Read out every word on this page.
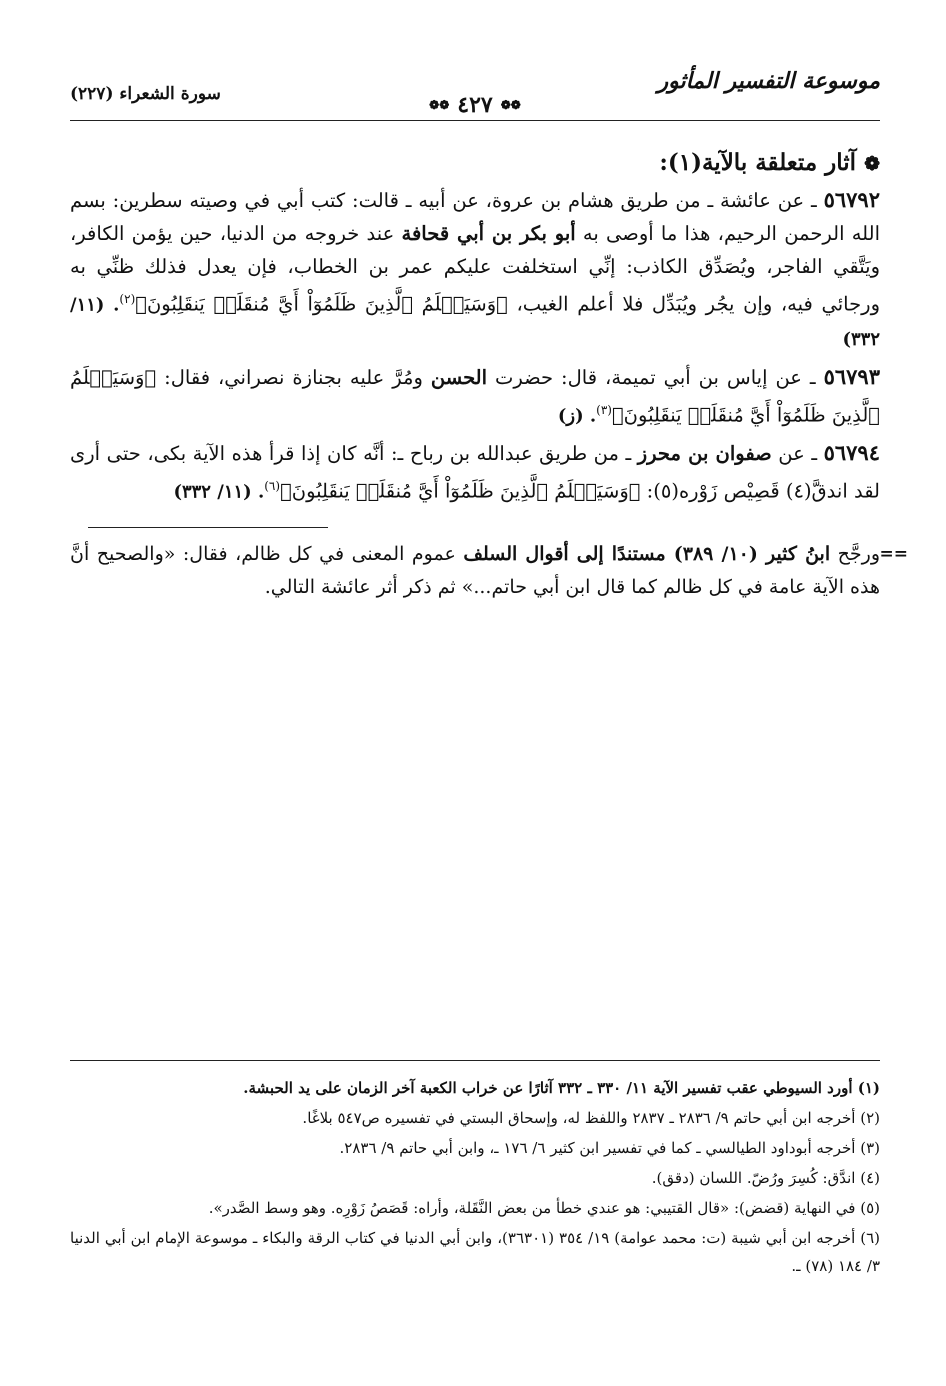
موسوعة التفسير المأثور
❁❁ ٤٢٧ ❁❁
سورة الشعراء (٢٢٧)
❁آثار متعلقة بالآية(١):

٥٦٧٩٢ ـ عن عائشة ـ من طريق هشام بن عروة، عن أبيه ـ قالت: كتب أبي في وصيته سطرين: بسم الله الرحمن الرحيم، هذا ما أوصى به أبو بكر بن أبي قحافة عند خروجه من الدنيا، حين يؤمن الكافر، ويَتَّقي الفاجر، ويُصَدِّق الكاذب: إنِّي استخلفت عليكم عمر بن الخطاب، فإن يعدل فذلك ظنِّي به ورجائي فيه، وإن يجُر ويُبَدِّل فلا أعلم الغيب، ﴿وَسَيَعۡلَمُ ٱلَّذِينَ ظَلَمُوٓاْ أَيَّ مُنقَلَبٖ يَنقَلِبُونَ﴾$^{(٢)}$. (١١/ ٣٣٢)

٥٦٧٩٣ ـ عن إياس بن أبي تميمة، قال: حضرت الحسن ومُرَّ عليه بجنازة نصراني، فقال: ﴿وَسَيَعۡلَمُ ٱلَّذِينَ ظَلَمُوٓاْ أَيَّ مُنقَلَبٖ يَنقَلِبُونَ﴾$^{(٣)}$. (ز)

٥٦٧٩٤ ـ عن صفوان بن محرز ـ من طريق عبدالله بن رباح ـ: أنَّه كان إذا قرأ هذه الآية بكى، حتى أرى لقد اندقَّ(٤) قَصِيْص زَوْره(٥): ﴿وَسَيَعۡلَمُ ٱلَّذِينَ ظَلَمُوٓاْ أَيَّ مُنقَلَبٖ يَنقَلِبُونَ﴾$^{(٦)}$. (١١/ ٣٣٢)

==
ورجَّح ابنُ كثير (١٠/ ٣٨٩) مستندًا إلى أقوال السلف عموم المعنى في كل ظالم، فقال: «والصحيح أنَّ هذه الآية عامة في كل ظالم كما قال ابن أبي حاتم...» ثم ذكر أثر عائشة التالي.

(١) أورد السيوطي عقب تفسير الآية ١١/ ٣٣٠ ـ ٣٣٢ آثارًا عن خراب الكعبة آخر الزمان على يد الحبشة.

(٢) أخرجه ابن أبي حاتم ٩/ ٢٨٣٦ ـ ٢٨٣٧ واللفظ له، وإسحاق البستي في تفسيره ص٥٤٧ بلاغًا.

(٣) أخرجه أبوداود الطيالسي ـ كما في تفسير ابن كثير ٦/ ١٧٦ ـ، وابن أبي حاتم ٩/ ٢٨٣٦.

(٤) اندَّق: كُسِرَ ورُضّ. اللسان (دقق).

(٥) في النهاية (قضض): «قال القتيبي: هو عندي خطأ من بعض النَّقَلة، وأراه: قَصَصُ زَوْرِه. وهو وسط الصَّدر».

(٦) أخرجه ابن أبي شيبة (ت: محمد عوامة) ١٩/ ٣٥٤ (٣٦٣٠١)، وابن أبي الدنيا في كتاب الرقة والبكاء ـ موسوعة الإمام ابن أبي الدنيا ٣/ ١٨٤ (٧٨) ـ.
